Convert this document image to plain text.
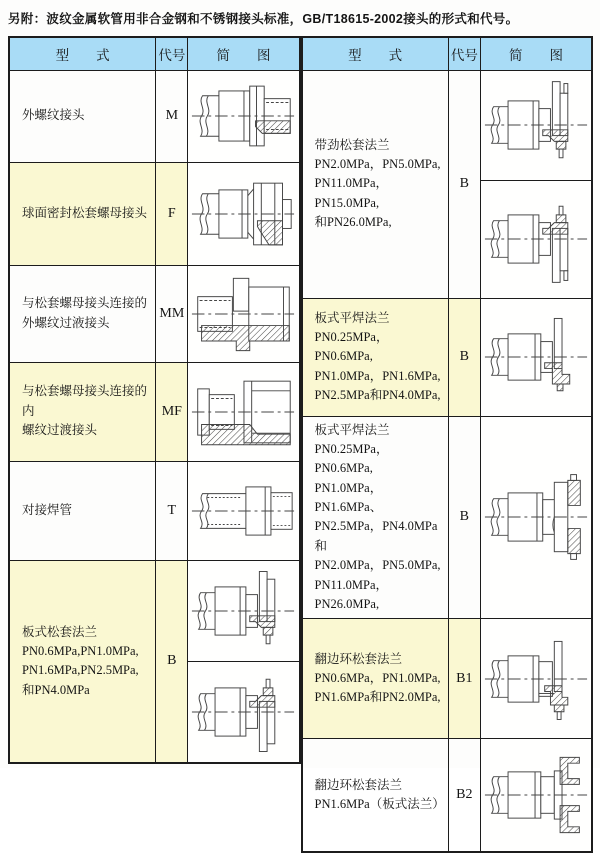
另附：波纹金属软管用非合金钢和不锈钢接头标准，GB/T18615-2002接头的形式和代号。
型　　式	代号	简　　图
外螺纹接头	M	

球面密封松套螺母接头	F	

与松套螺母接头连接的
外螺纹过液接头	MM	

与松套螺母接头连接的内
螺纹过渡接头	MF	

对接焊管	T	

板式松套法兰
PN0.6MPa,PN1.0MPa,
PN1.6MPa,PN2.5MPa,
和PN4.0MPa	B	

型　　式	代号	简　　图
带劲松套法兰
PN2.0MPa，PN5.0MPa,
PN11.0MPa，PN15.0MPa,
和PN26.0MPa,	B	

板式平焊法兰
PN0.25MPa，PN0.6MPa,
PN1.0MPa，PN1.6MPa,
PN2.5MPa和PN4.0MPa,	B	

板式平焊法兰
PN0.25MPa，PN0.6MPa,
PN1.0MPa，PN1.6MPa、
PN2.5MPa，PN4.0MPa和
PN2.0MPa，PN5.0MPa,
PN11.0MPa，PN26.0MPa,	B	

翻边环松套法兰
PN0.6MPa，PN1.0MPa,
PN1.6MPa和PN2.0MPa,	B1	

翻边环松套法兰
PN1.6MPa（板式法兰）	B2	
